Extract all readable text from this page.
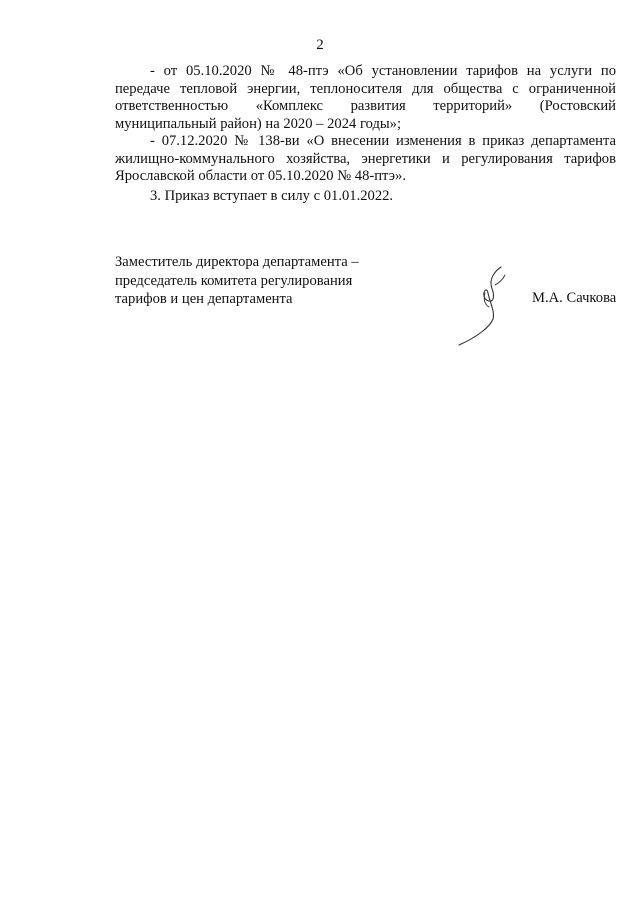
2

- от 05.10.2020 № 48-птэ «Об установлении тарифов на услуги по передаче тепловой энергии, теплоносителя для общества с ограниченной ответственностью «Комплекс развития территорий» (Ростовский муниципальный район) на 2020 – 2024 годы»;

- 07.12.2020 № 138-ви «О внесении изменения в приказ департамента жилищно-коммунального хозяйства, энергетики и регулирования тарифов Ярославской области от 05.10.2020 № 48-птэ».

3. Приказ вступает в силу с 01.01.2022.

Заместитель директора департамента –
председатель комитета регулирования
тарифов и цен департамента	М.А. Сачкова
